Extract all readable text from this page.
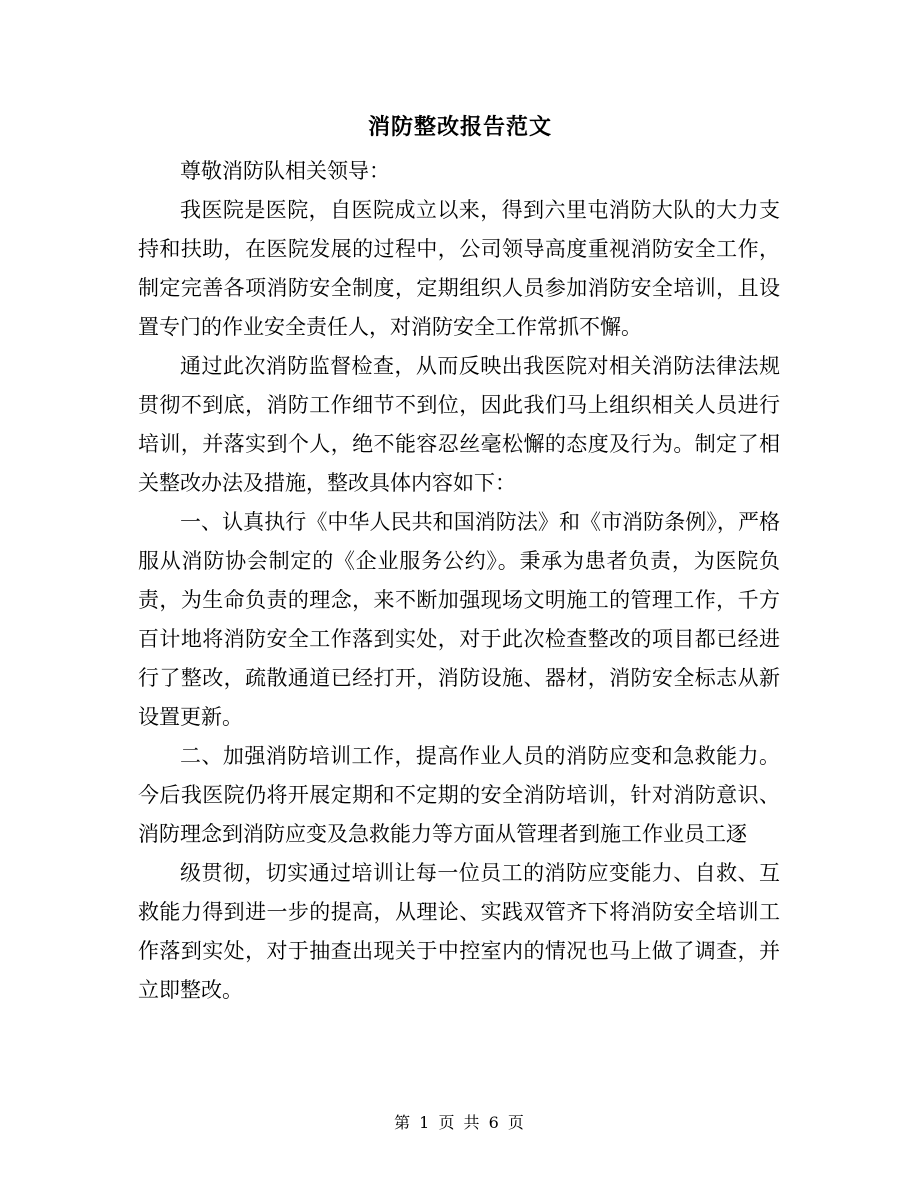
消防整改报告范文

尊敬消防队相关领导：

我医院是医院，自医院成立以来，得到六里屯消防大队的大力支持和扶助，在医院发展的过程中，公司领导高度重视消防安全工作，制定完善各项消防安全制度，定期组织人员参加消防安全培训，且设置专门的作业安全责任人，对消防安全工作常抓不懈。

通过此次消防监督检查，从而反映出我医院对相关消防法律法规贯彻不到底，消防工作细节不到位，因此我们马上组织相关人员进行培训，并落实到个人，绝不能容忍丝毫松懈的态度及行为。制定了相关整改办法及措施，整改具体内容如下：

一、认真执行《中华人民共和国消防法》和《市消防条例》，严格服从消防协会制定的《企业服务公约》。秉承为患者负责，为医院负责，为生命负责的理念，来不断加强现场文明施工的管理工作，千方百计地将消防安全工作落到实处，对于此次检查整改的项目都已经进行了整改，疏散通道已经打开，消防设施、器材，消防安全标志从新设置更新。

二、加强消防培训工作，提高作业人员的消防应变和急救能力。今后我医院仍将开展定期和不定期的安全消防培训，针对消防意识、消防理念到消防应变及急救能力等方面从管理者到施工作业员工逐

级贯彻，切实通过培训让每一位员工的消防应变能力、自救、互救能力得到进一步的提高，从理论、实践双管齐下将消防安全培训工作落到实处，对于抽查出现关于中控室内的情况也马上做了调查，并立即整改。

第 1 页 共 6 页
